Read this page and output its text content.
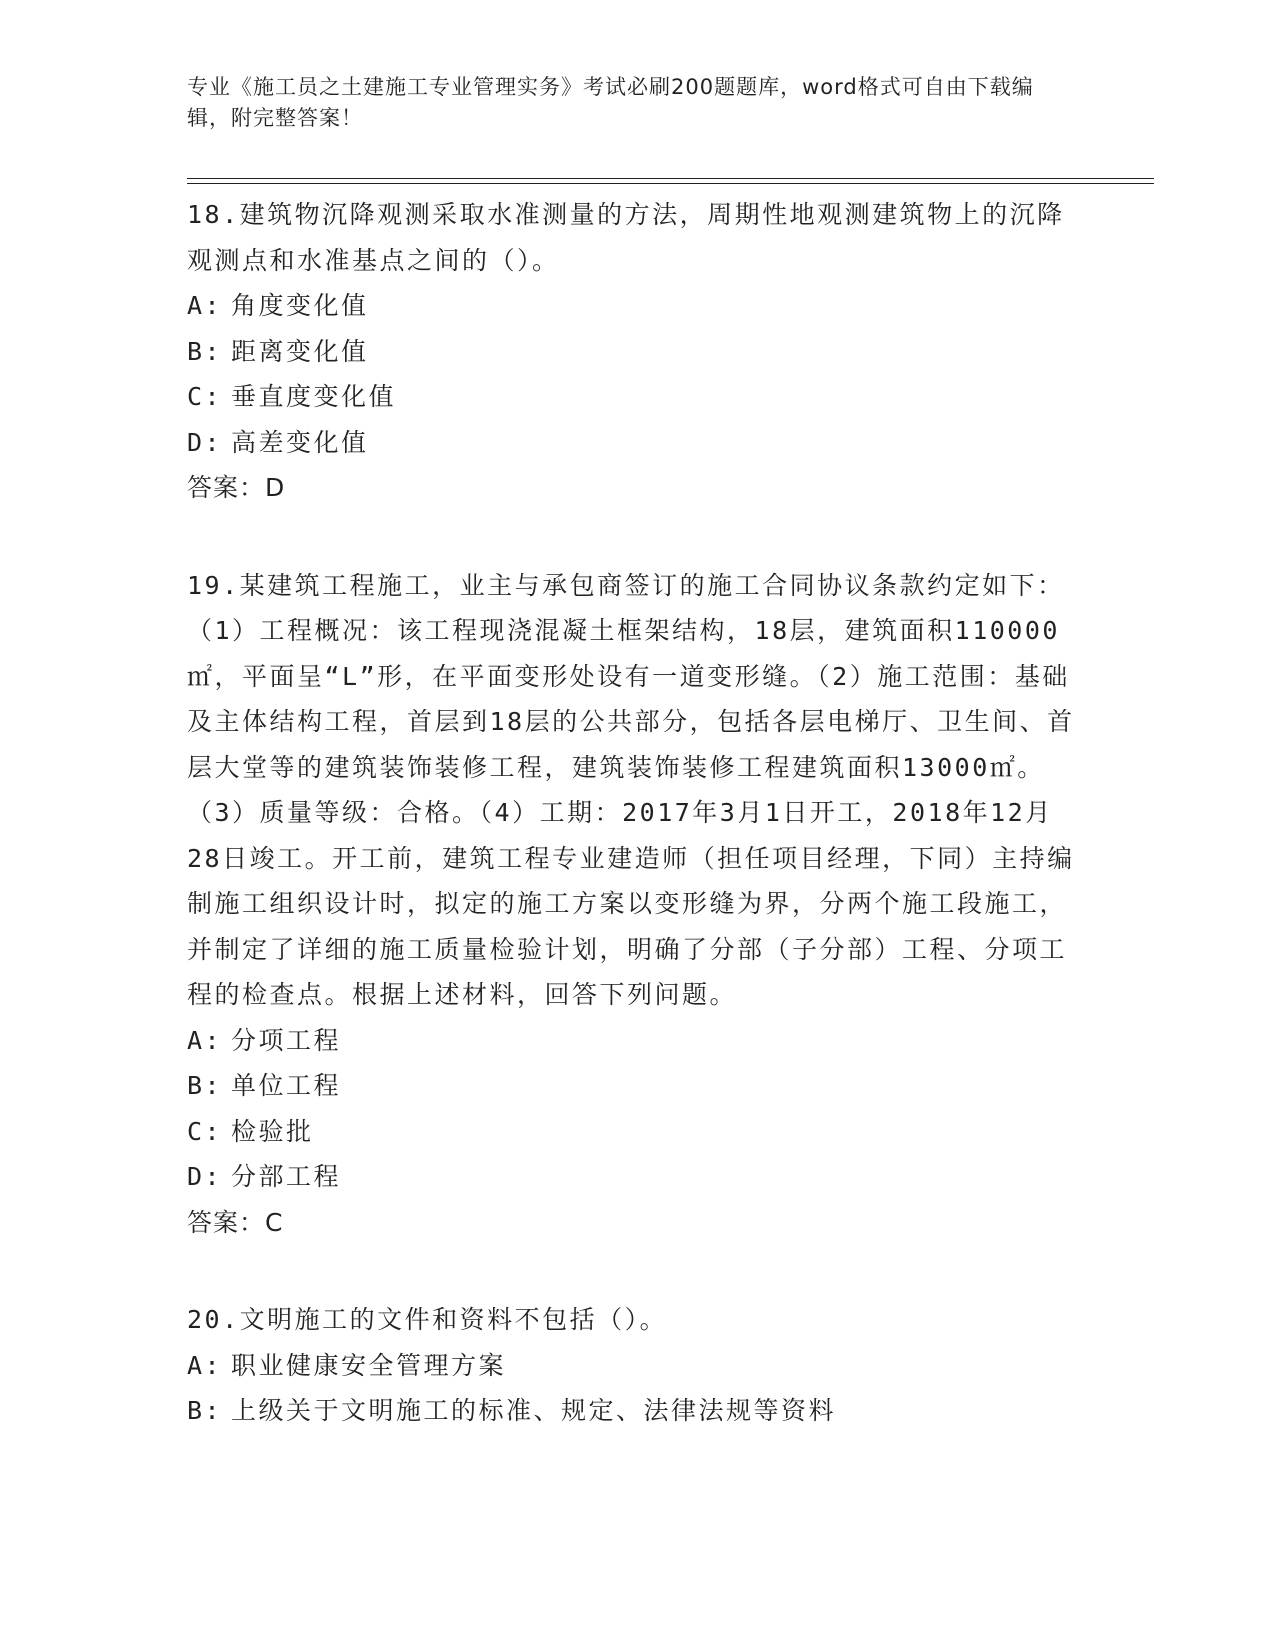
专业《施工员之土建施工专业管理实务》考试必刷200题题库，word格式可自由下载编辑，附完整答案！

18.建筑物沉降观测采取水准测量的方法，周期性地观测建筑物上的沉降观测点和水准基点之间的（）。

A: 角度变化值

B: 距离变化值

C: 垂直度变化值

D: 高差变化值

答案：D

19.某建筑工程施工，业主与承包商签订的施工合同协议条款约定如下：（1）工程概况：该工程现浇混凝土框架结构，18层，建筑面积110000㎡，平面呈“L”形，在平面变形处设有一道变形缝。（2）施工范围：基础及主体结构工程，首层到18层的公共部分，包括各层电梯厅、卫生间、首层大堂等的建筑装饰装修工程，建筑装饰装修工程建筑面积13000㎡。（3）质量等级：合格。（4）工期：2017年3月1日开工，2018年12月28日竣工。开工前，建筑工程专业建造师（担任项目经理，下同）主持编制施工组织设计时，拟定的施工方案以变形缝为界，分两个施工段施工，并制定了详细的施工质量检验计划，明确了分部（子分部）工程、分项工程的检查点。根据上述材料，回答下列问题。

A: 分项工程

B: 单位工程

C: 检验批

D: 分部工程

答案：C

20.文明施工的文件和资料不包括（）。

A: 职业健康安全管理方案

B: 上级关于文明施工的标准、规定、法律法规等资料
